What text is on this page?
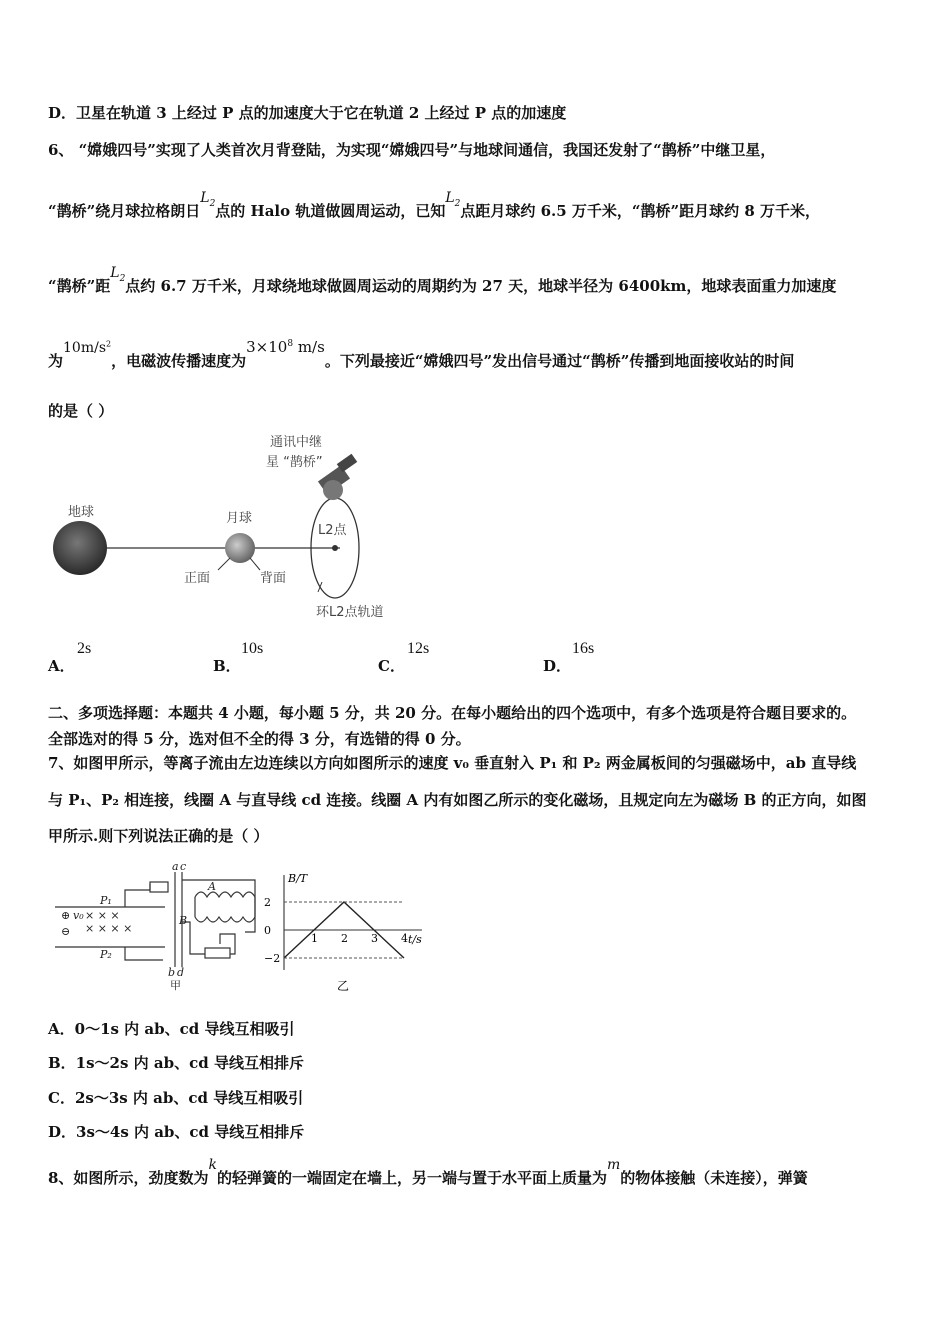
D．卫星在轨道 3 上经过 P 点的加速度大于它在轨道 2 上经过 P 点的加速度
6、 “嫦娥四号”实现了人类首次月背登陆，为实现“嫦娥四号”与地球间通信，我国还发射了“鹊桥”中继卫星，
“鹊桥”绕月球拉格朗日$L_2$点的 Halo 轨道做圆周运动，已知$L_2$点距月球约 6.5 万千米，“鹊桥”距月球约 8 万千米，
“鹊桥”距$L_2$点约 6.7 万千米，月球绕地球做圆周运动的周期约为 27 天，地球半径为 6400km，地球表面重力加速度
为$10m/s^2$，电磁波传播速度为$3\times 10^8$ m/s。下列最接近“嫦娥四号”发出信号通过“鹊桥”传播到地面接收站的时间
的是（ ）
通讯中继
星 “鹊桥”
地球	月球
L2点
正面	背面
环L2点轨道
A．
2s
B．
10s
C．
12s
D．
16s
二、多项选择题：本题共 4 小题，每小题 5 分，共 20 分。在每小题给出的四个选项中，有多个选项是符合题目要求的。
全部选对的得 5 分，选对但不全的得 3 分，有选错的得 0 分。
7、如图甲所示，等离子流由左边连续以方向如图所示的速度 v₀ 垂直射入 P₁ 和 P₂ 两金属板间的匀强磁场中，ab 直导线
与 P₁、P₂ 相连接，线圈 A 与直导线 cd 连接。线圈 A 内有如图乙所示的变化磁场，且规定向左为磁场 B 的正方向，如图
甲所示.则下列说法正确的是（ ）
a c
A
B
P₁
P₂
v₀
b d
甲
⊕
⊖
× × ×
× × × ×
1 2 3 4
2
0
−2
B/T
t/s
乙
A．0～1s 内 ab、cd 导线互相吸引
B．1s～2s 内 ab、cd 导线互相排斥
C．2s～3s 内 ab、cd 导线互相吸引
D．3s～4s 内 ab、cd 导线互相排斥
8、如图所示，劲度数为k的轻弹簧的一端固定在墙上，另一端与置于水平面上质量为m的物体接触（未连接），弹簧
